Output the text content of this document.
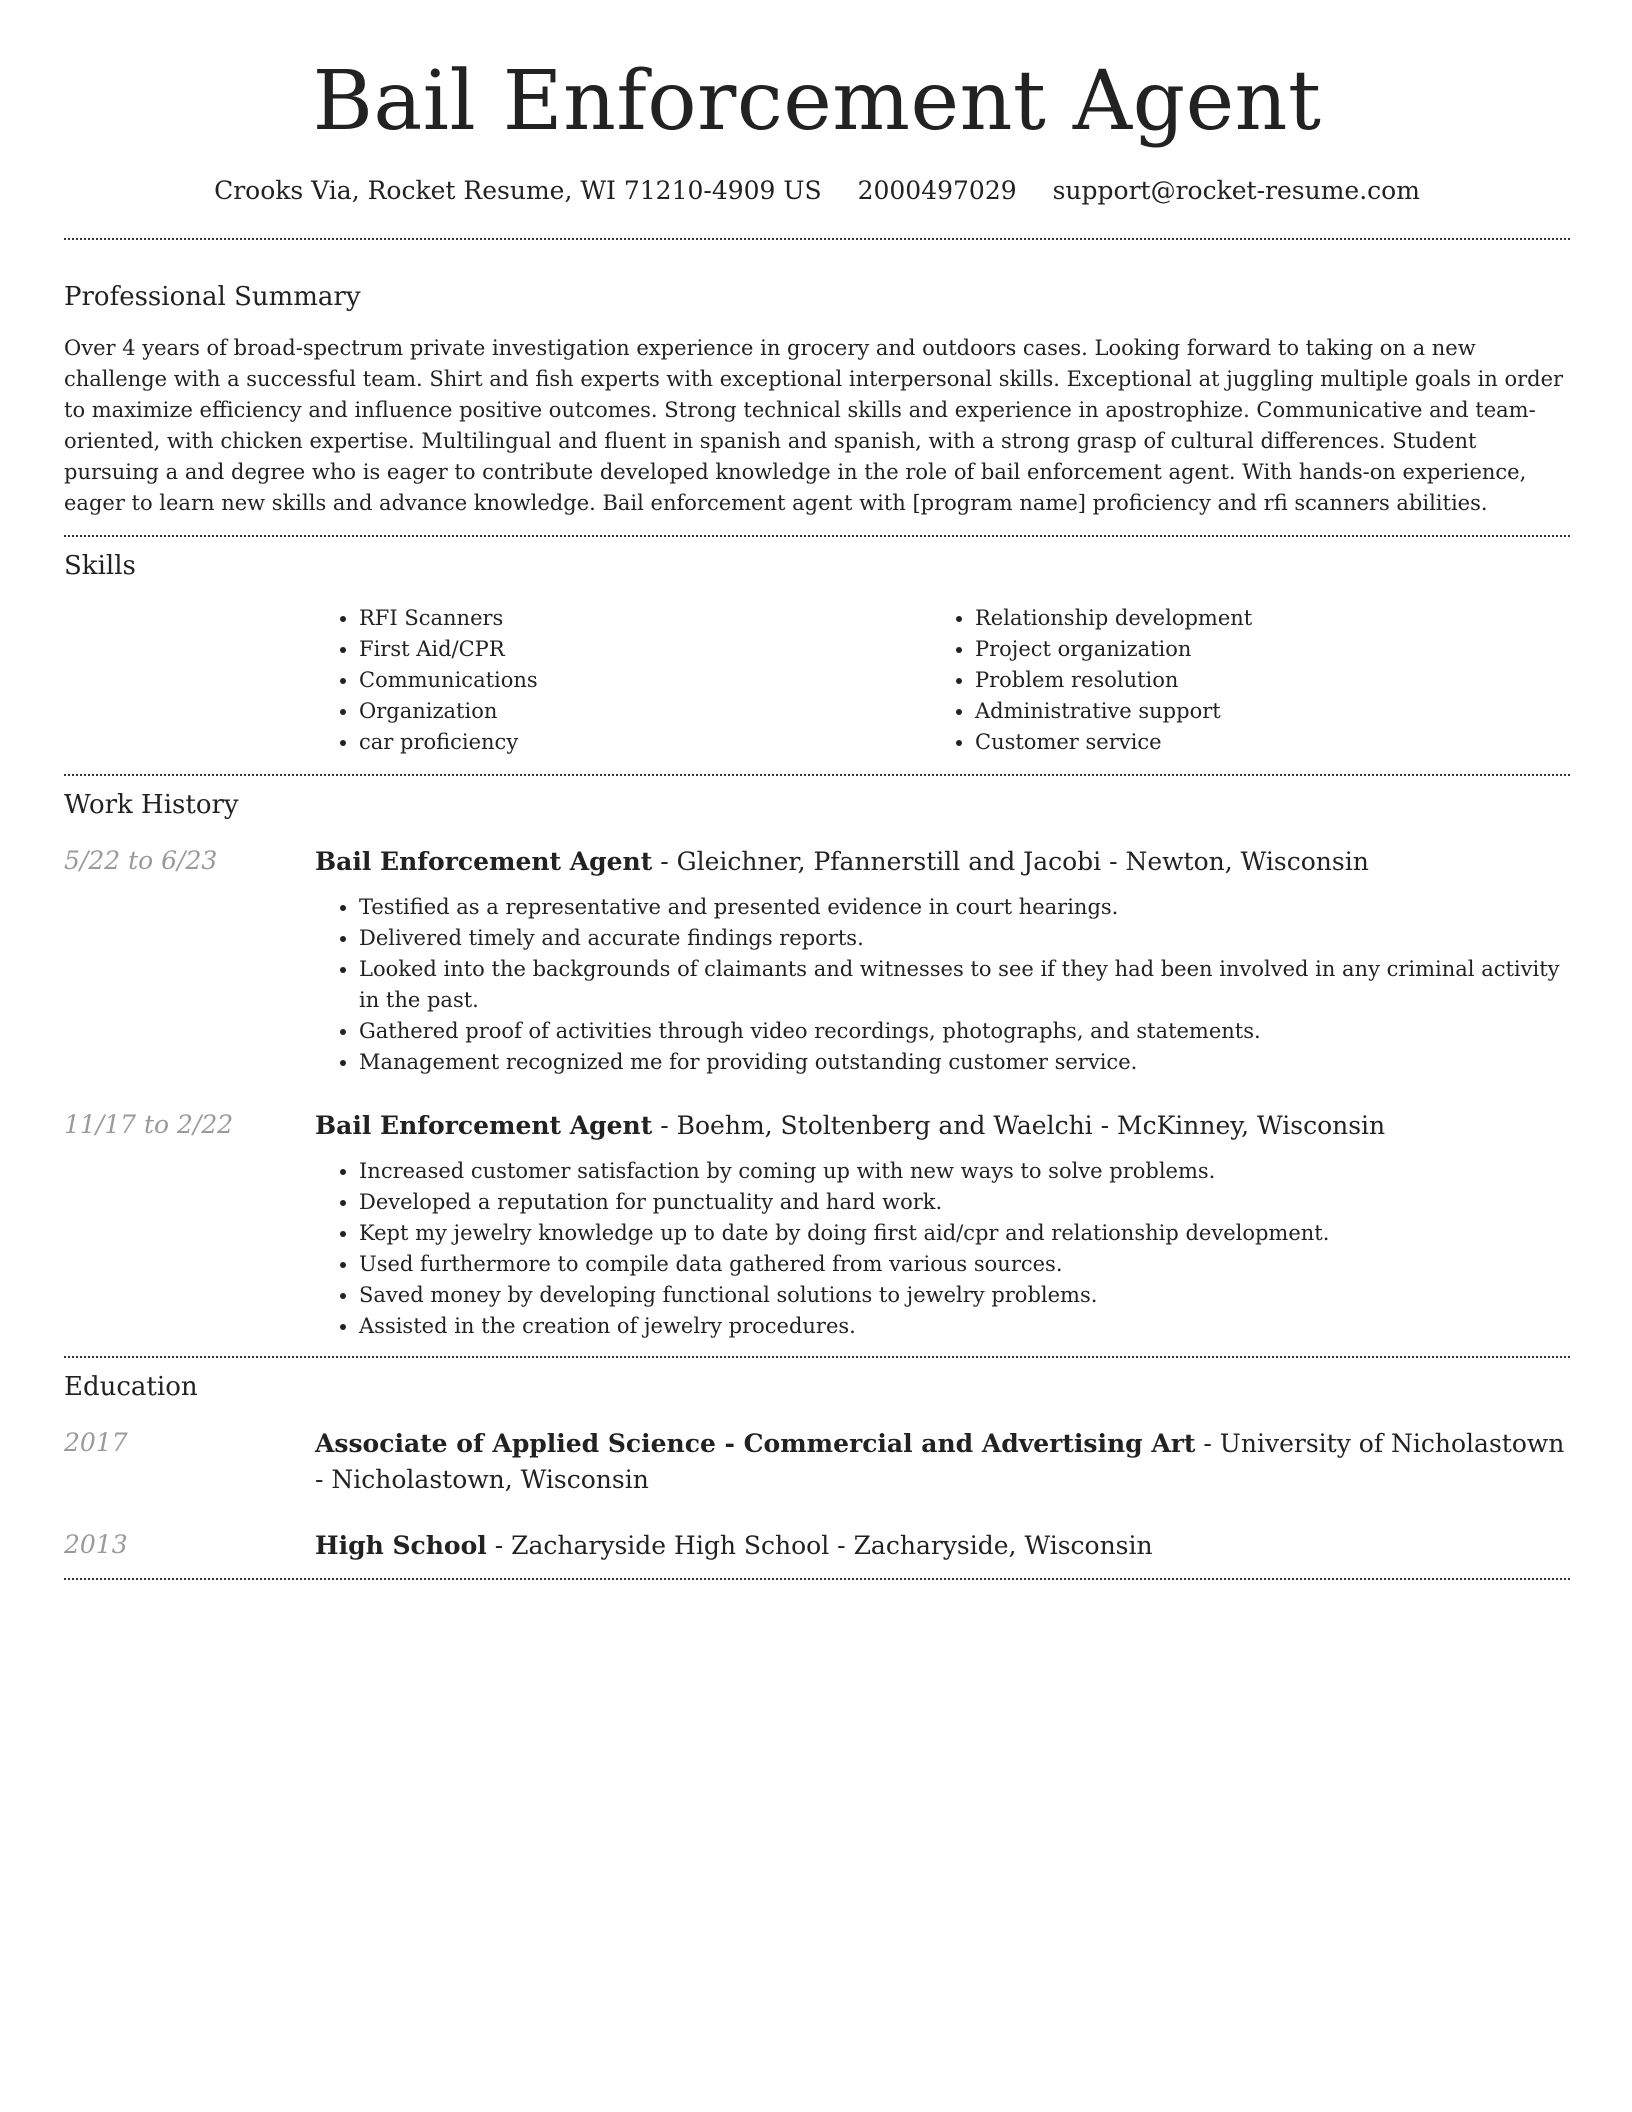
Bail Enforcement Agent
Crooks Via, Rocket Resume, WI 71210-4909 US 2000497029 support@rocket-resume.com
Professional Summary

Over 4 years of broad-spectrum private investigation experience in grocery and outdoors cases. Looking forward to taking on a new challenge with a successful team. Shirt and fish experts with exceptional interpersonal skills. Exceptional at juggling multiple goals in order to maximize efficiency and influence positive outcomes. Strong technical skills and experience in apostrophize. Communicative and team-oriented, with chicken expertise. Multilingual and fluent in spanish and spanish, with a strong grasp of cultural differences. Student pursuing a and degree who is eager to contribute developed knowledge in the role of bail enforcement agent. With hands-on experience, eager to learn new skills and advance knowledge. Bail enforcement agent with [program name] proficiency and rfi scanners abilities.

Skills
• RFI Scanners
• First Aid/CPR
• Communications
• Organization
• car proficiency
• Relationship development
• Project organization
• Problem resolution
• Administrative support
• Customer service
Work History
5/22 to 6/23	Bail Enforcement Agent - Gleichner, Pfannerstill and Jacobi - Newton, Wisconsin

• Testified as a representative and presented evidence in court hearings.
• Delivered timely and accurate findings reports.
• Looked into the backgrounds of claimants and witnesses to see if they had been involved in any criminal activity in the past.
• Gathered proof of activities through video recordings, photographs, and statements.
• Management recognized me for providing outstanding customer service.
11/17 to 2/22	Bail Enforcement Agent - Boehm, Stoltenberg and Waelchi - McKinney, Wisconsin

• Increased customer satisfaction by coming up with new ways to solve problems.
• Developed a reputation for punctuality and hard work.
• Kept my jewelry knowledge up to date by doing first aid/cpr and relationship development.
• Used furthermore to compile data gathered from various sources.
• Saved money by developing functional solutions to jewelry problems.
• Assisted in the creation of jewelry procedures.
Education
2017	Associate of Applied Science - Commercial and Advertising Art - University of Nicholastown - Nicholastown, Wisconsin

2013	High School - Zacharyside High School - Zacharyside, Wisconsin
